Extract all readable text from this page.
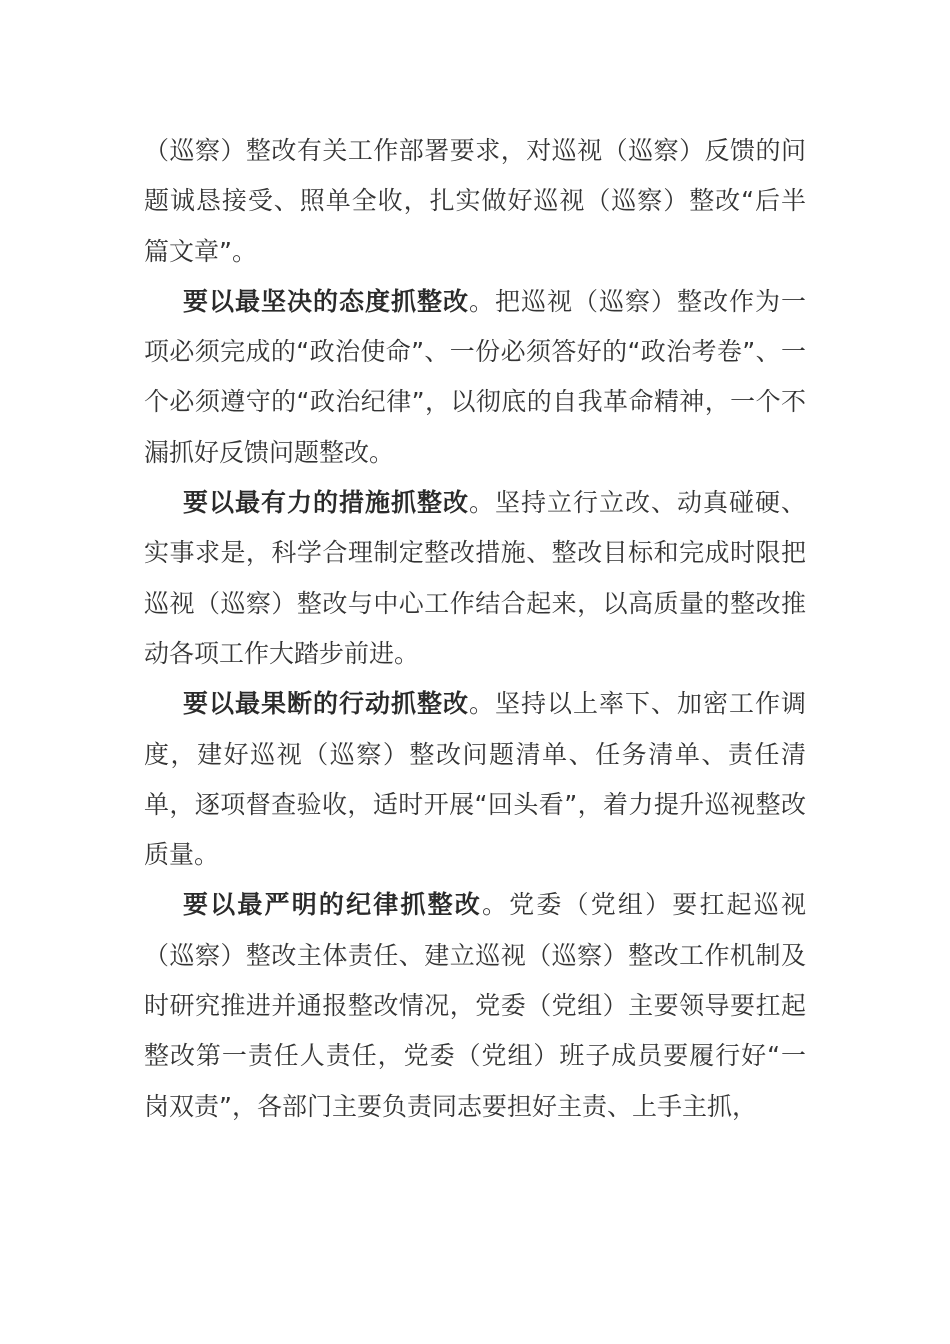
（巡察）整改有关工作部署要求，对巡视（巡察）反馈的问题诚恳接受、照单全收，扎实做好巡视（巡察）整改“后半篇文章”。

要以最坚决的态度抓整改。把巡视（巡察）整改作为一项必须完成的“政治使命”、一份必须答好的“政治考卷”、一个必须遵守的“政治纪律”，以彻底的自我革命精神，一个不漏抓好反馈问题整改。

要以最有力的措施抓整改。坚持立行立改、动真碰硬、实事求是，科学合理制定整改措施、整改目标和完成时限把巡视（巡察）整改与中心工作结合起来，以高质量的整改推动各项工作大踏步前进。

要以最果断的行动抓整改。坚持以上率下、加密工作调度，建好巡视（巡察）整改问题清单、任务清单、责任清单，逐项督查验收，适时开展“回头看”，着力提升巡视整改质量。

要以最严明的纪律抓整改。党委（党组）要扛起巡视（巡察）整改主体责任、建立巡视（巡察）整改工作机制及时研究推进并通报整改情况，党委（党组）主要领导要扛起整改第一责任人责任，党委（党组）班子成员要履行好“一岗双责”，各部门主要负责同志要担好主责、上手主抓，
